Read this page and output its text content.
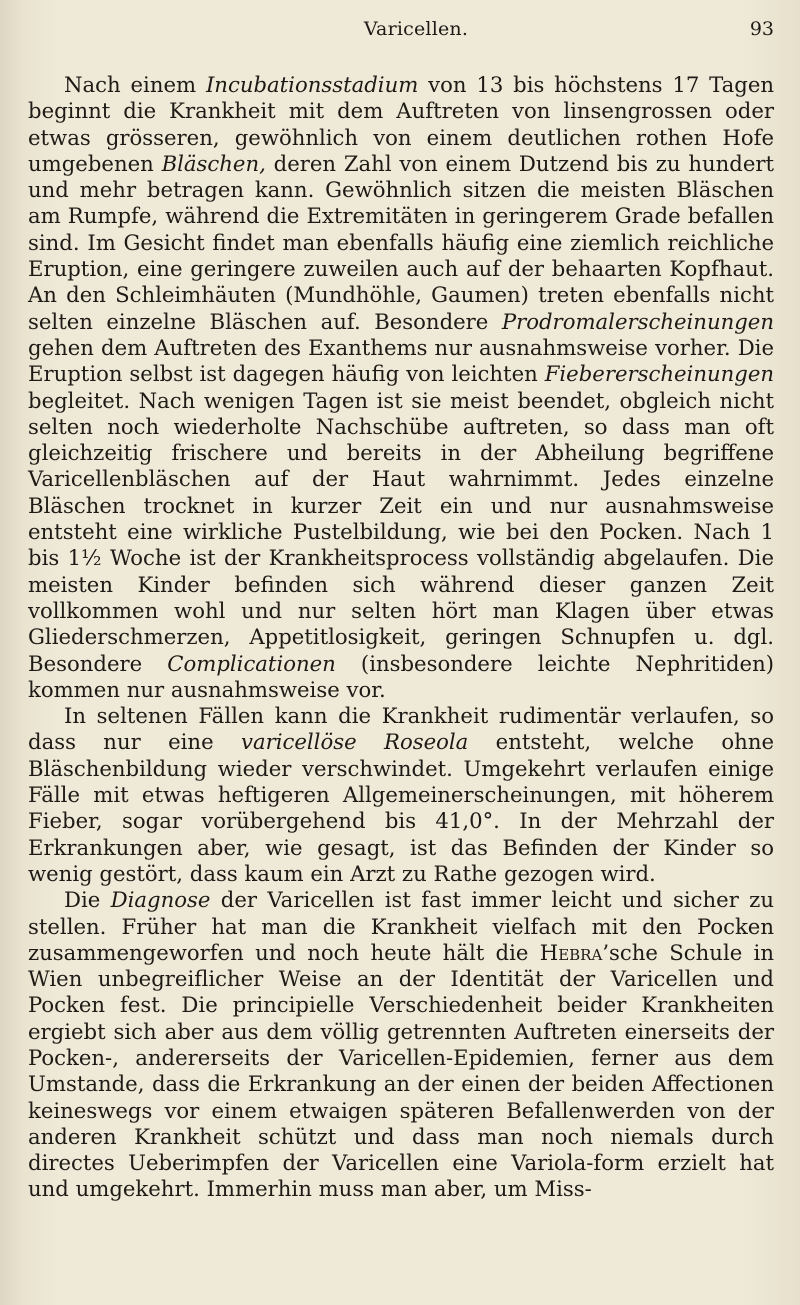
Varicellen.	93

Nach einem Incubationsstadium von 13 bis höchstens 17 Tagen beginnt die Krankheit mit dem Auftreten von linsengrossen oder etwas grösseren, gewöhnlich von einem deutlichen rothen Hofe umgebenen Bläschen, deren Zahl von einem Dutzend bis zu hundert und mehr betragen kann. Gewöhnlich sitzen die meisten Bläschen am Rumpfe, während die Extremitäten in geringerem Grade befallen sind. Im Gesicht findet man ebenfalls häufig eine ziemlich reichliche Eruption, eine geringere zuweilen auch auf der behaarten Kopfhaut. An den Schleimhäuten (Mundhöhle, Gaumen) treten ebenfalls nicht selten einzelne Bläschen auf. Besondere Prodromalerscheinungen gehen dem Auftreten des Exanthems nur ausnahmsweise vorher. Die Eruption selbst ist dagegen häufig von leichten Fiebererscheinungen begleitet. Nach wenigen Tagen ist sie meist beendet, obgleich nicht selten noch wiederholte Nachschübe auftreten, so dass man oft gleichzeitig frischere und bereits in der Abheilung begriffene Varicellenbläschen auf der Haut wahrnimmt. Jedes einzelne Bläschen trocknet in kurzer Zeit ein und nur ausnahmsweise entsteht eine wirkliche Pustelbildung, wie bei den Pocken. Nach 1 bis 1½ Woche ist der Krankheitsprocess vollständig abgelaufen. Die meisten Kinder befinden sich während dieser ganzen Zeit vollkommen wohl und nur selten hört man Klagen über etwas Gliederschmerzen, Appetitlosigkeit, geringen Schnupfen u. dgl. Besondere Complicationen (insbesondere leichte Nephritiden) kommen nur ausnahmsweise vor.

In seltenen Fällen kann die Krankheit rudimentär verlaufen, so dass nur eine varicellöse Roseola entsteht, welche ohne Bläschenbildung wieder verschwindet. Umgekehrt verlaufen einige Fälle mit etwas heftigeren Allgemeinerscheinungen, mit höherem Fieber, sogar vorübergehend bis 41,0°. In der Mehrzahl der Erkrankungen aber, wie gesagt, ist das Befinden der Kinder so wenig gestört, dass kaum ein Arzt zu Rathe gezogen wird.

Die Diagnose der Varicellen ist fast immer leicht und sicher zu stellen. Früher hat man die Krankheit vielfach mit den Pocken zusammengeworfen und noch heute hält die Hebra’sche Schule in Wien unbegreiflicher Weise an der Identität der Varicellen und Pocken fest. Die principielle Verschiedenheit beider Krankheiten ergiebt sich aber aus dem völlig getrennten Auftreten einerseits der Pocken-, andererseits der Varicellen-Epidemien, ferner aus dem Umstande, dass die Erkrankung an der einen der beiden Affectionen keineswegs vor einem etwaigen späteren Befallenwerden von der anderen Krankheit schützt und dass man noch niemals durch directes Ueberimpfen der Varicellen eine Variola-form erzielt hat und umgekehrt. Immerhin muss man aber, um Miss-
